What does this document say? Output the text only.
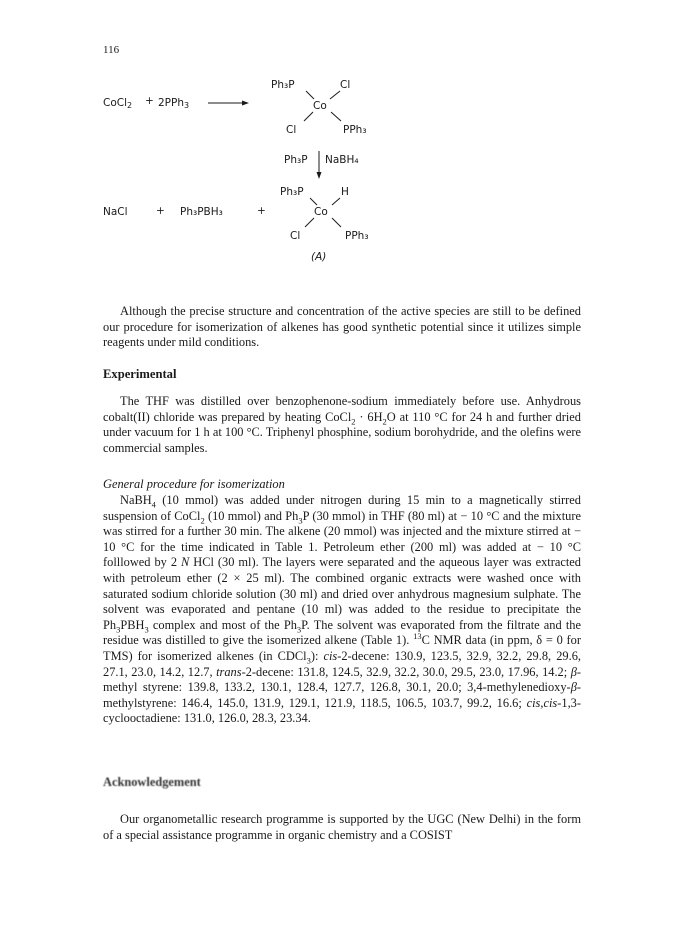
116
CoCl2 + 2PPh3
Ph₃P	Cl
Co
Cl	PPh₃
Ph₃P NaBH₄
NaCl	+ Ph₃PBH₃	+
Ph₃P	H
Co
Cl	PPh₃
(A)

Although the precise structure and concentration of the active species are still to be defined our procedure for isomerization of alkenes has good synthetic potential since it utilizes simple reagents under mild conditions.

Experimental

The THF was distilled over benzophenone-sodium immediately before use. Anhydrous cobalt(II) chloride was prepared by heating CoCl$_2$ · $6H_2O$ at 110 °C for 24 h and further dried under vacuum for 1 h at 100 °C. Triphenyl phosphine, sodium borohydride, and the olefins were commercial samples.

General procedure for isomerization

NaBH$_4$ (10 mmol) was added under nitrogen during 15 min to a magnetically stirred suspension of CoCl$_2$ (10 mmol) and $Ph_3P$ (30 mmol) in THF (80 ml) at − 10 °C and the mixture was stirred for a further 30 min. The alkene (20 mmol) was injected and the mixture stirred at − 10 °C for the time indicated in Table 1. Petroleum ether (200 ml) was added at − 10 °C folllowed by 2 N HCl (30 ml). The layers were separated and the aqueous layer was extracted with petroleum ether (2 × 25 ml). The combined organic extracts were washed once with saturated sodium chloride solution (30 ml) and dried over anhydrous magnesium sulphate. The solvent was evaporated and pentane (10 ml) was added to the residue to precipitate the $Ph_3PBH_3$ complex and most of the $Ph_3P$. The solvent was evaporated from the filtrate and the residue was distilled to give the isomerized alkene (Table 1). $^{13}$C NMR data (in ppm, δ = 0 for TMS) for isomerized alkenes (in CDCl$_3$): cis-2-decene: 130.9, 123.5, 32.9, 32.2, 29.8, 29.6, 27.1, 23.0, 14.2, 12.7, trans-2-decene: 131.8, 124.5, 32.9, 32.2, 30.0, 29.5, 23.0, 17.96, 14.2; β-methyl styrene: 139.8, 133.2, 130.1, 128.4, 127.7, 126.8, 30.1, 20.0; 3,4-methylenedioxy-β-methylstyrene: 146.4, 145.0, 131.9, 129.1, 121.9, 118.5, 106.5, 103.7, 99.2, 16.6; cis,cis-1,3-cyclooctadiene: 131.0, 126.0, 28.3, 23.34.

Acknowledgement

Our organometallic research programme is supported by the UGC (New Delhi) in the form of a special assistance programme in organic chemistry and a COSIST
